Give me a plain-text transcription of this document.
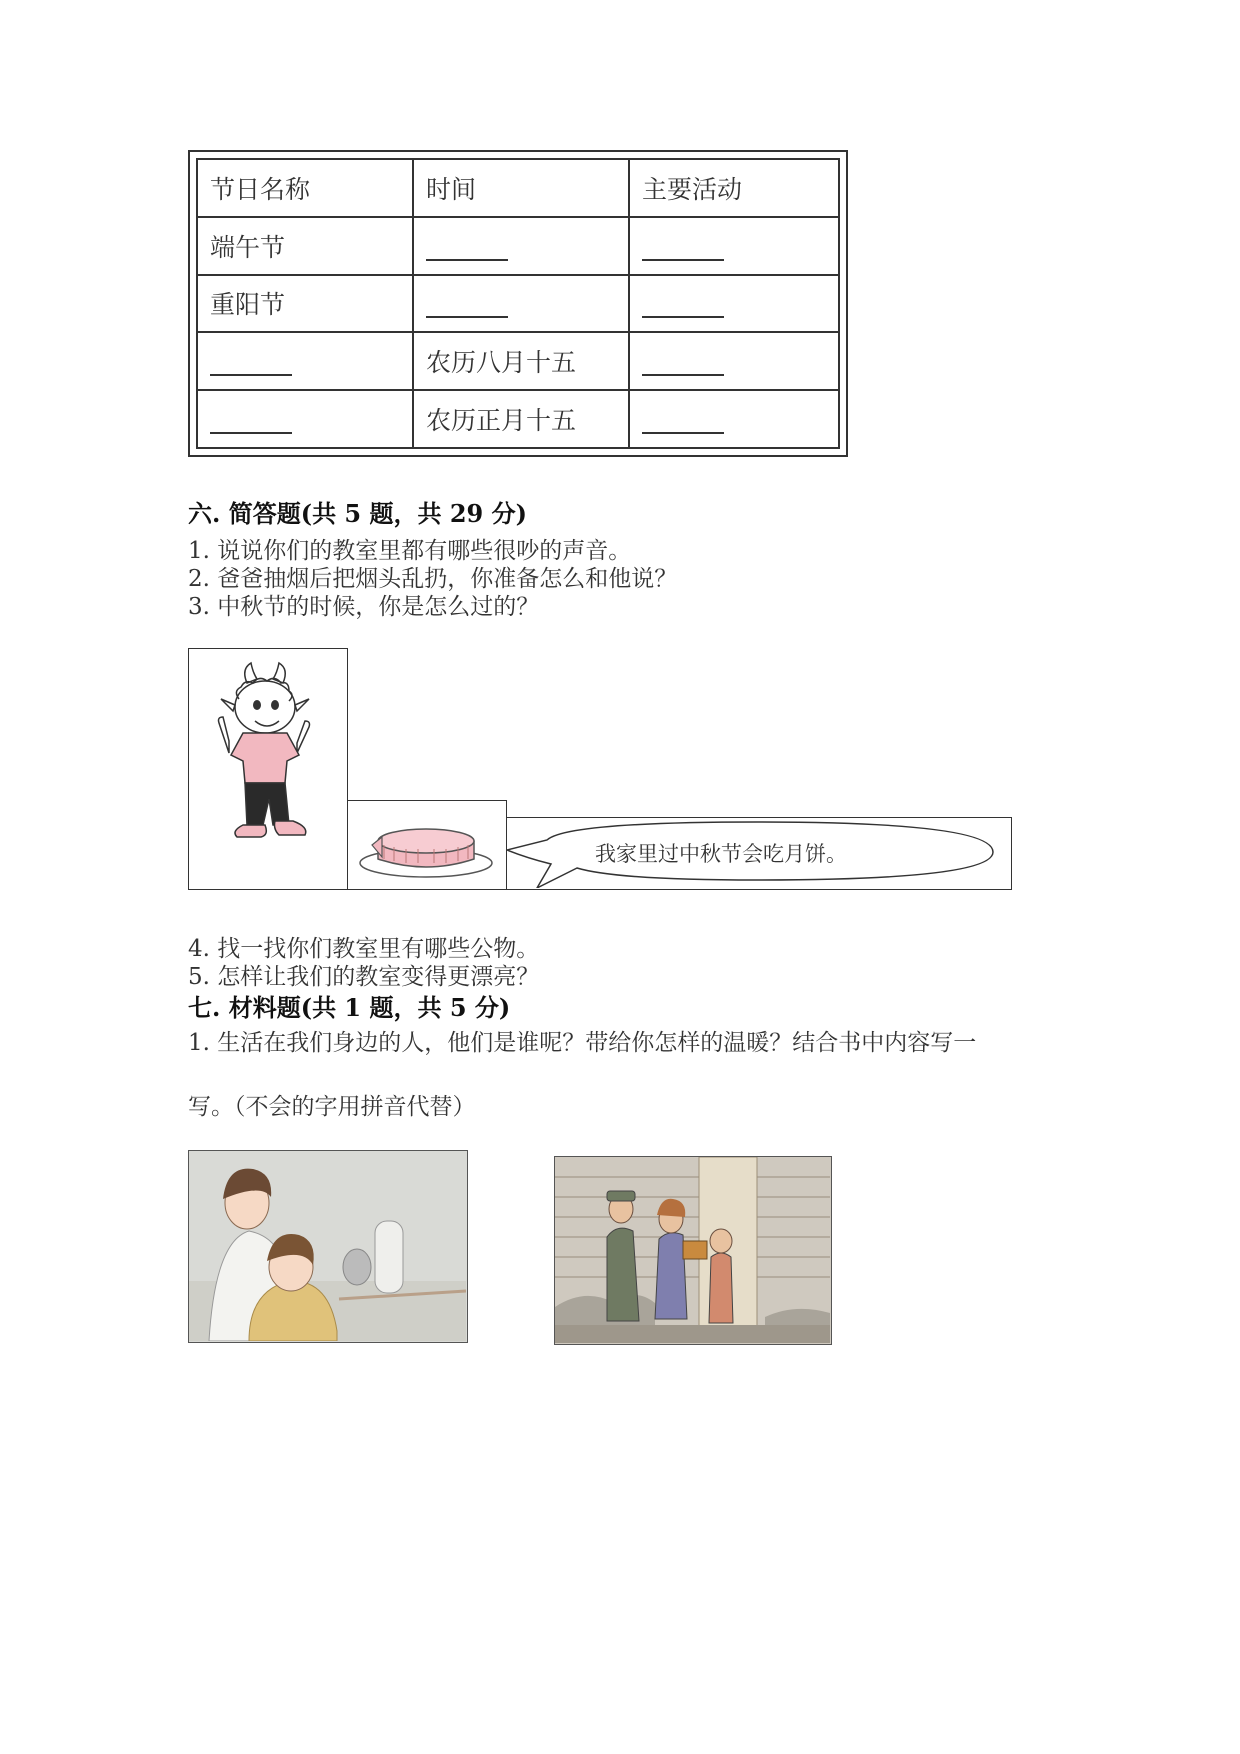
节日名称	时间	主要活动
端午节		
重阳节		
	农历八月十五	
	农历正月十五	
六. 简答题(共 5 题，共 29 分)
1. 说说你们的教室里都有哪些很吵的声音。
2. 爸爸抽烟后把烟头乱扔，你准备怎么和他说？
3. 中秋节的时候，你是怎么过的？
我家里过中秋节会吃月饼。
4. 找一找你们教室里有哪些公物。
5. 怎样让我们的教室变得更漂亮？
七. 材料题(共 1 题，共 5 分)
1. 生活在我们身边的人，他们是谁呢？带给你怎样的温暖？结合书中内容写一
写。（不会的字用拼音代替）
